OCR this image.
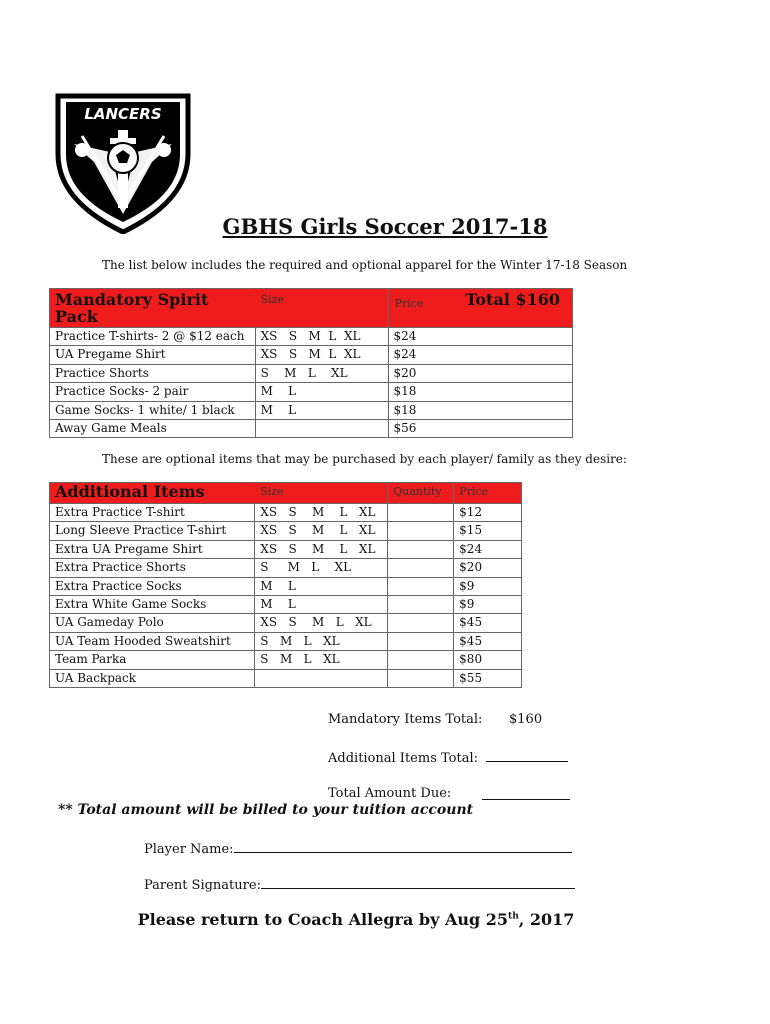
LANCERS
GBHS Girls Soccer 2017-18
The list below includes the required and optional apparel for the Winter 17-18 Season
Mandatory Spirit Pack	Size	Price Total $160

Practice T-shirts- 2 @ $12 each	XS   S   M  L  XL	$24
UA Pregame Shirt	XS   S   M  L  XL	$24
Practice Shorts	S    M   L    XL	$20
Practice Socks- 2 pair	M    L	$18
Game Socks- 1 white/ 1 black	M    L	$18
Away Game Meals		$56
These are optional items that may be purchased by each player/ family as they desire:
Additional Items	Size	Quantity	Price

Extra Practice T-shirt	XS   S    M    L   XL		$12
Long Sleeve Practice T-shirt	XS   S    M    L   XL		$15
Extra UA Pregame Shirt	XS   S    M    L   XL		$24
Extra Practice Shorts	S     M   L    XL		$20
Extra Practice Socks	M    L		$9
Extra White Game Socks	M    L		$9
UA Gameday Polo	XS   S    M   L   XL		$45
UA Team Hooded Sweatshirt	S   M   L   XL		$45
Team Parka	S   M   L   XL		$80
UA Backpack			$55
Mandatory Items Total: $160
Additional Items Total:
Total Amount Due:
** Total amount will be billed to your tuition account
Player Name:
Parent Signature:
Please return to Coach Allegra by Aug 25th, 2017
